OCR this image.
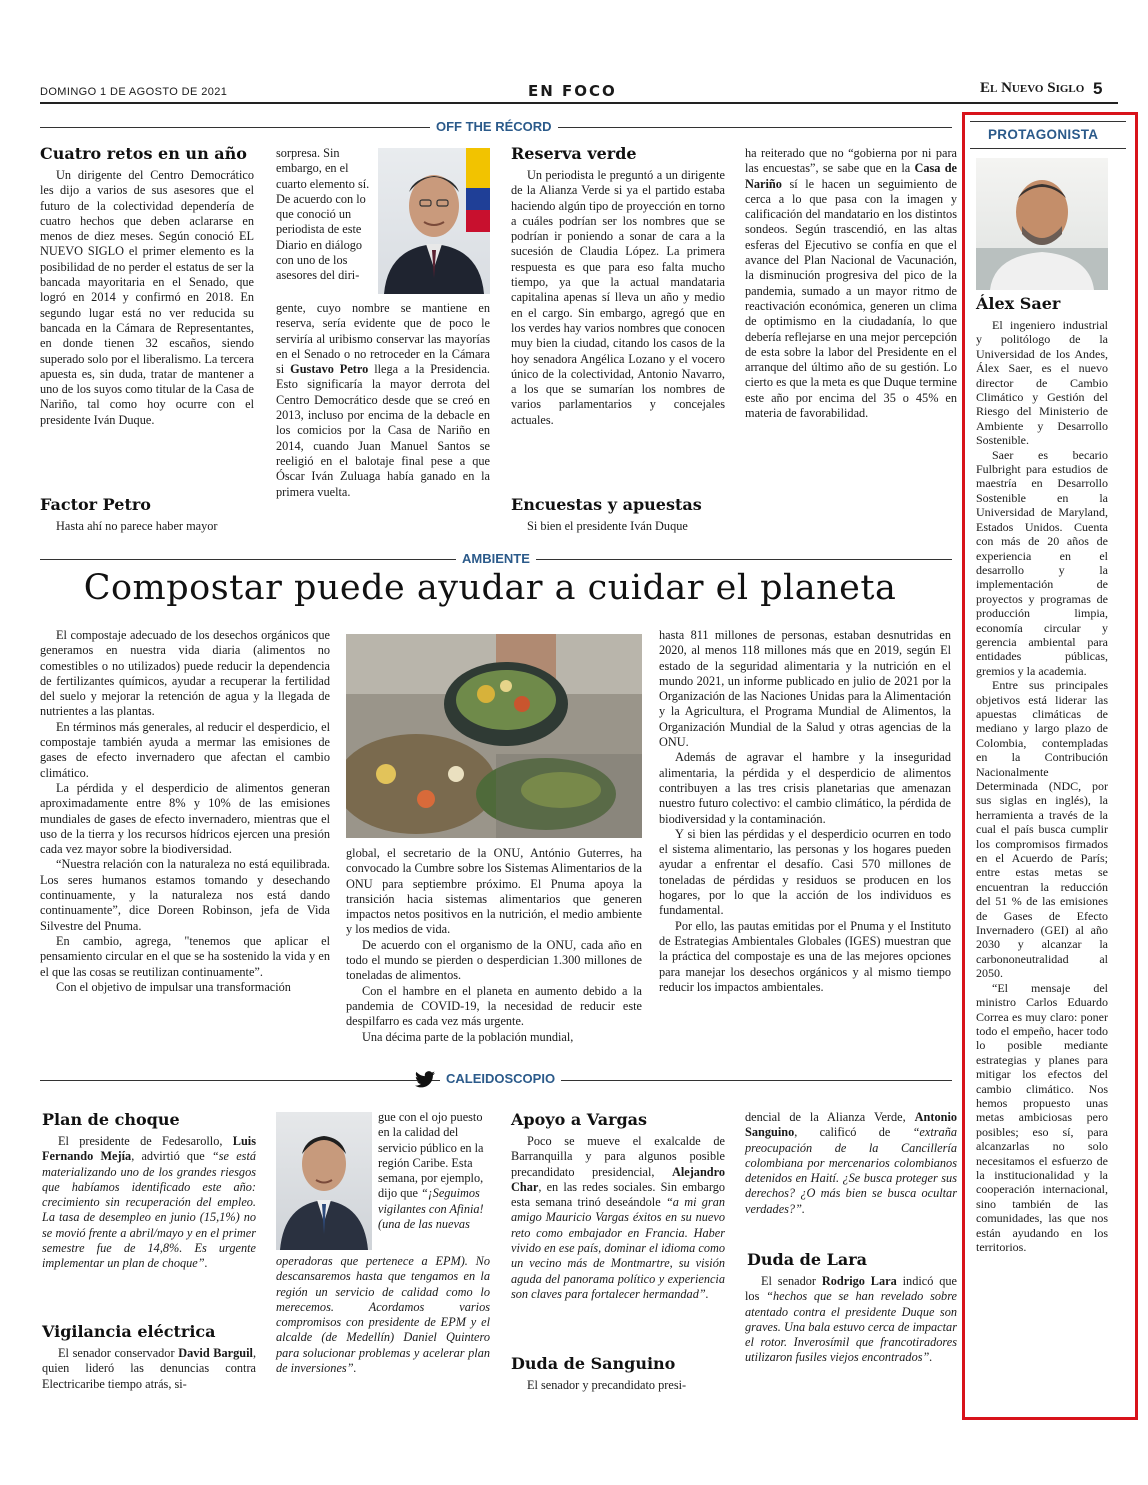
DOMINGO 1 DE AGOSTO DE 2021	EN FOCO	El Nuevo Siglo 5
OFF THE RÉCORD
Cuatro retos en un año

Un dirigente del Centro Democrático les dijo a varios de sus asesores que el futuro de la colectividad dependería de cuatro hechos que deben aclararse en menos de diez meses. Según conoció EL NUEVO SIGLO el primer elemento es la posibilidad de no perder el estatus de ser la bancada mayoritaria en el Senado, que logró en 2014 y confirmó en 2018. En segundo lugar está no ver reducida su bancada en la Cámara de Representantes, en donde tienen 32 escaños, siendo superado solo por el liberalismo. La tercera apuesta es, sin duda, tratar de mantener a uno de los suyos como titular de la Casa de Nariño, tal como hoy ocurre con el presidente Iván Duque.

Factor Petro

Hasta ahí no parece haber mayor

sorpresa. Sin embargo, en el cuarto elemento sí. De acuerdo con lo que conoció un periodista de este Diario en diálogo con uno de los asesores del diri-

gente, cuyo nombre se mantiene en reserva, sería evidente que de poco le serviría al uribismo conservar las mayorías en el Senado o no retroceder en la Cámara si Gustavo Petro llega a la Presidencia. Esto significaría la mayor derrota del Centro Democrático desde que se creó en 2013, incluso por encima de la debacle en los comicios por la Casa de Nariño en 2014, cuando Juan Manuel Santos se reeligió en el balotaje final pese a que Óscar Iván Zuluaga había ganado en la primera vuelta.

Reserva verde

Un periodista le preguntó a un dirigente de la Alianza Verde si ya el partido estaba haciendo algún tipo de proyección en torno a cuáles podrían ser los nombres que se podrían ir poniendo a sonar de cara a la sucesión de Claudia López. La primera respuesta es que para eso falta mucho tiempo, ya que la actual mandataria capitalina apenas sí lleva un año y medio en el cargo. Sin embargo, agregó que en los verdes hay varios nombres que conocen muy bien la ciudad, citando los casos de la hoy senadora Angélica Lozano y el vocero único de la colectividad, Antonio Navarro, a los que se sumarían los nombres de varios parlamentarios y concejales actuales.

Encuestas y apuestas

Si bien el presidente Iván Duque

ha reiterado que no “gobierna por ni para las encuestas”, se sabe que en la Casa de Nariño sí le hacen un seguimiento de cerca a lo que pasa con la imagen y calificación del mandatario en los distintos sondeos. Según trascendió, en las altas esferas del Ejecutivo se confía en que el avance del Plan Nacional de Vacunación, la disminución progresiva del pico de la pandemia, sumado a un mayor ritmo de reactivación económica, generen un clima de optimismo en la ciudadanía, lo que debería reflejarse en una mejor percepción de esta sobre la labor del Presidente en el arranque del último año de su gestión. Lo cierto es que la meta es que Duque termine este año por encima del 35 o 45% en materia de favorabilidad.

AMBIENTE
Compostar puede ayudar a cuidar el planeta

El compostaje adecuado de los desechos orgánicos que generamos en nuestra vida diaria (alimentos no comestibles o no utilizados) puede reducir la dependencia de fertilizantes químicos, ayudar a recuperar la fertilidad del suelo y mejorar la retención de agua y la llegada de nutrientes a las plantas.

En términos más generales, al reducir el desperdicio, el compostaje también ayuda a mermar las emisiones de gases de efecto invernadero que afectan el cambio climático.

La pérdida y el desperdicio de alimentos generan aproximadamente entre 8% y 10% de las emisiones mundiales de gases de efecto invernadero, mientras que el uso de la tierra y los recursos hídricos ejercen una presión cada vez mayor sobre la biodiversidad.

“Nuestra relación con la naturaleza no está equilibrada. Los seres humanos estamos tomando y desechando continuamente, y la naturaleza nos está dando continuamente”, dice Doreen Robinson, jefa de Vida Silvestre del Pnuma.

En cambio, agrega, "tenemos que aplicar el pensamiento circular en el que se ha sostenido la vida y en el que las cosas se reutilizan continuamente”.

Con el objetivo de impulsar una transformación

global, el secretario de la ONU, António Guterres, ha convocado la Cumbre sobre los Sistemas Alimentarios de la ONU para septiembre próximo. El Pnuma apoya la transición hacia sistemas alimentarios que generen impactos netos positivos en la nutrición, el medio ambiente y los medios de vida.

De acuerdo con el organismo de la ONU, cada año en todo el mundo se pierden o desperdician 1.300 millones de toneladas de alimentos.

Con el hambre en el planeta en aumento debido a la pandemia de COVID-19, la necesidad de reducir este despilfarro es cada vez más urgente.

Una décima parte de la población mundial,

hasta 811 millones de personas, estaban desnutridas en 2020, al menos 118 millones más que en 2019, según El estado de la seguridad alimentaria y la nutrición en el mundo 2021, un informe publicado en julio de 2021 por la Organización de las Naciones Unidas para la Alimentación y la Agricultura, el Programa Mundial de Alimentos, la Organización Mundial de la Salud y otras agencias de la ONU.

Además de agravar el hambre y la inseguridad alimentaria, la pérdida y el desperdicio de alimentos contribuyen a las tres crisis planetarias que amenazan nuestro futuro colectivo: el cambio climático, la pérdida de biodiversidad y la contaminación.

Y si bien las pérdidas y el desperdicio ocurren en todo el sistema alimentario, las personas y los hogares pueden ayudar a enfrentar el desafío. Casi 570 millones de toneladas de pérdidas y residuos se producen en los hogares, por lo que la acción de los individuos es fundamental.

Por ello, las pautas emitidas por el Pnuma y el Instituto de Estrategias Ambientales Globales (IGES) muestran que la práctica del compostaje es una de las mejores opciones para manejar los desechos orgánicos y al mismo tiempo reducir los impactos ambientales.

CALEIDOSCOPIO
Plan de choque

El presidente de Fedesarollo, Luis Fernando Mejía, advirtió que “se está materializando uno de los grandes riesgos que habíamos identificado este año: crecimiento sin recuperación del empleo. La tasa de desempleo en junio (15,1%) no se movió frente a abril/mayo y en el primer semestre fue de 14,8%. Es urgente implementar un plan de choque”.

Vigilancia eléctrica

El senador conservador David Barguil, quien lideró las denuncias contra Electricaribe tiempo atrás, si-

gue con el ojo puesto en la calidad del servicio público en la región Caribe. Esta semana, por ejemplo, dijo que “¡Seguimos vigilantes con Afinia! (una de las nuevas

operadoras que pertenece a EPM). No descansaremos hasta que tengamos en la región un servicio de calidad como lo merecemos. Acordamos varios compromisos con presidente de EPM y el alcalde (de Medellín) Daniel Quintero para solucionar problemas y acelerar plan de inversiones”.

Apoyo a Vargas

Poco se mueve el exalcalde de Barranquilla y para algunos posible precandidato presidencial, Alejandro Char, en las redes sociales. Sin embargo esta semana trinó deseándole “a mi gran amigo Mauricio Vargas éxitos en su nuevo reto como embajador en Francia. Haber vivido en ese país, dominar el idioma como un vecino más de Montmartre, su visión aguda del panorama político y experiencia son claves para fortalecer hermandad”.

Duda de Sanguino

El senador y precandidato presi-

dencial de la Alianza Verde, Antonio Sanguino, calificó de “extraña preocupación de la Cancillería colombiana por mercenarios colombianos detenidos en Haití. ¿Se busca proteger sus derechos? ¿O más bien se busca ocultar verdades?”.

Duda de Lara

El senador Rodrigo Lara indicó que los “hechos que se han revelado sobre atentado contra el presidente Duque son graves. Una bala estuvo cerca de impactar el rotor. Inverosímil que francotiradores utilizaron fusiles viejos encontrados”.

PROTAGONISTA
Álex Saer

El ingeniero industrial y politólogo de la Universidad de los Andes, Álex Saer, es el nuevo director de Cambio Climático y Gestión del Riesgo del Ministerio de Ambiente y Desarrollo Sostenible.

Saer es becario Fulbright para estudios de maestría en Desarrollo Sostenible en la Universidad de Maryland, Estados Unidos. Cuenta con más de 20 años de experiencia en el desarrollo y la implementación de proyectos y programas de producción limpia, economía circular y gerencia ambiental para entidades públicas, gremios y la academia.

Entre sus principales objetivos está liderar las apuestas climáticas de mediano y largo plazo de Colombia, contempladas en la Contribución Nacionalmente Determinada (NDC, por sus siglas en inglés), la herramienta a través de la cual el país busca cumplir los compromisos firmados en el Acuerdo de París; entre estas metas se encuentran la reducción del 51 % de las emisiones de Gases de Efecto Invernadero (GEI) al año 2030 y alcanzar la carbononeutralidad al 2050.

“El mensaje del ministro Carlos Eduardo Correa es muy claro: poner todo el empeño, hacer todo lo posible mediante estrategias y planes para mitigar los efectos del cambio climático. Nos hemos propuesto unas metas ambiciosas pero posibles; eso sí, para alcanzarlas no solo necesitamos el esfuerzo de la institucionalidad y la cooperación internacional, sino también de las comunidades, las que nos están ayudando en los territorios.
